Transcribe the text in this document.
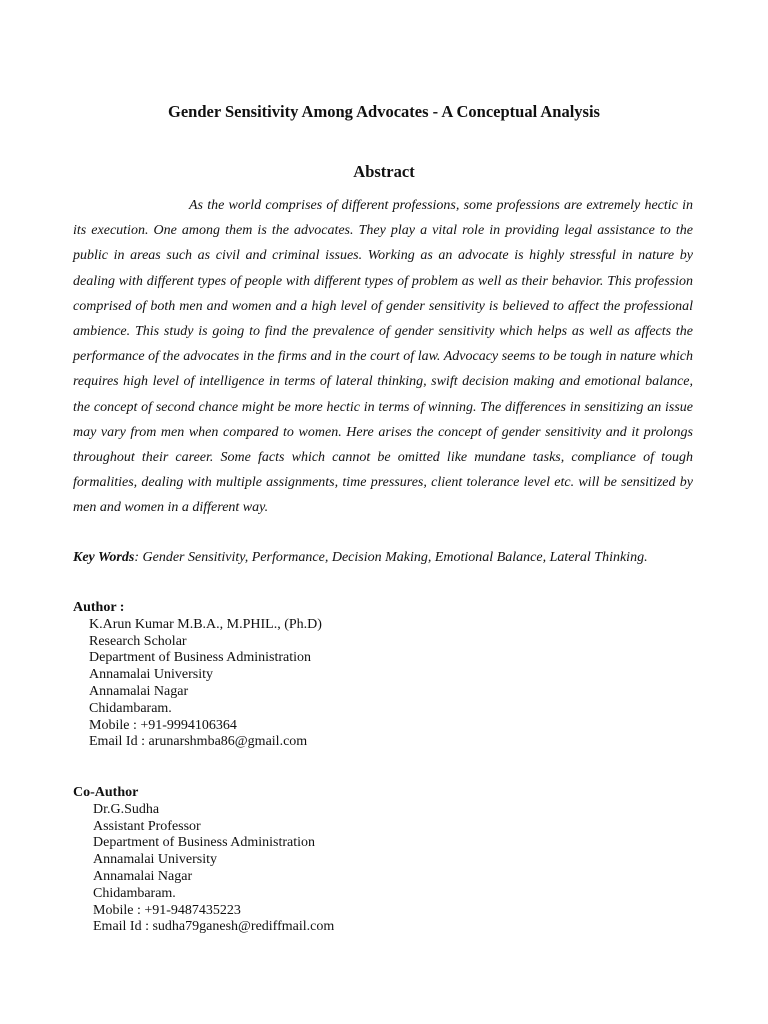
Gender Sensitivity Among Advocates - A Conceptual Analysis
Abstract

As the world comprises of different professions, some professions are extremely hectic in its execution. One among them is the advocates. They play a vital role in providing legal assistance to the public in areas such as civil and criminal issues. Working as an advocate is highly stressful in nature by dealing with different types of people with different types of problem as well as their behavior. This profession comprised of both men and women and a high level of gender sensitivity is believed to affect the professional ambience. This study is going to find the prevalence of gender sensitivity which helps as well as affects the performance of the advocates in the firms and in the court of law. Advocacy seems to be tough in nature which requires high level of intelligence in terms of lateral thinking, swift decision making and emotional balance, the concept of second chance might be more hectic in terms of winning. The differences in sensitizing an issue may vary from men when compared to women. Here arises the concept of gender sensitivity and it prolongs throughout their career. Some facts which cannot be omitted like mundane tasks, compliance of tough formalities, dealing with multiple assignments, time pressures, client tolerance level etc. will be sensitized by men and women in a different way.

Key Words: Gender Sensitivity, Performance, Decision Making, Emotional Balance, Lateral Thinking.

Author :
K.Arun Kumar M.B.A., M.PHIL., (Ph.D)
Research Scholar
Department of Business Administration
Annamalai University
Annamalai Nagar
Chidambaram.
Mobile : +91-9994106364
Email Id : arunarshmba86@gmail.com
Co-Author
Dr.G.Sudha
Assistant Professor
Department of Business Administration
Annamalai University
Annamalai Nagar
Chidambaram.
Mobile : +91-9487435223
Email Id : sudha79ganesh@rediffmail.com
